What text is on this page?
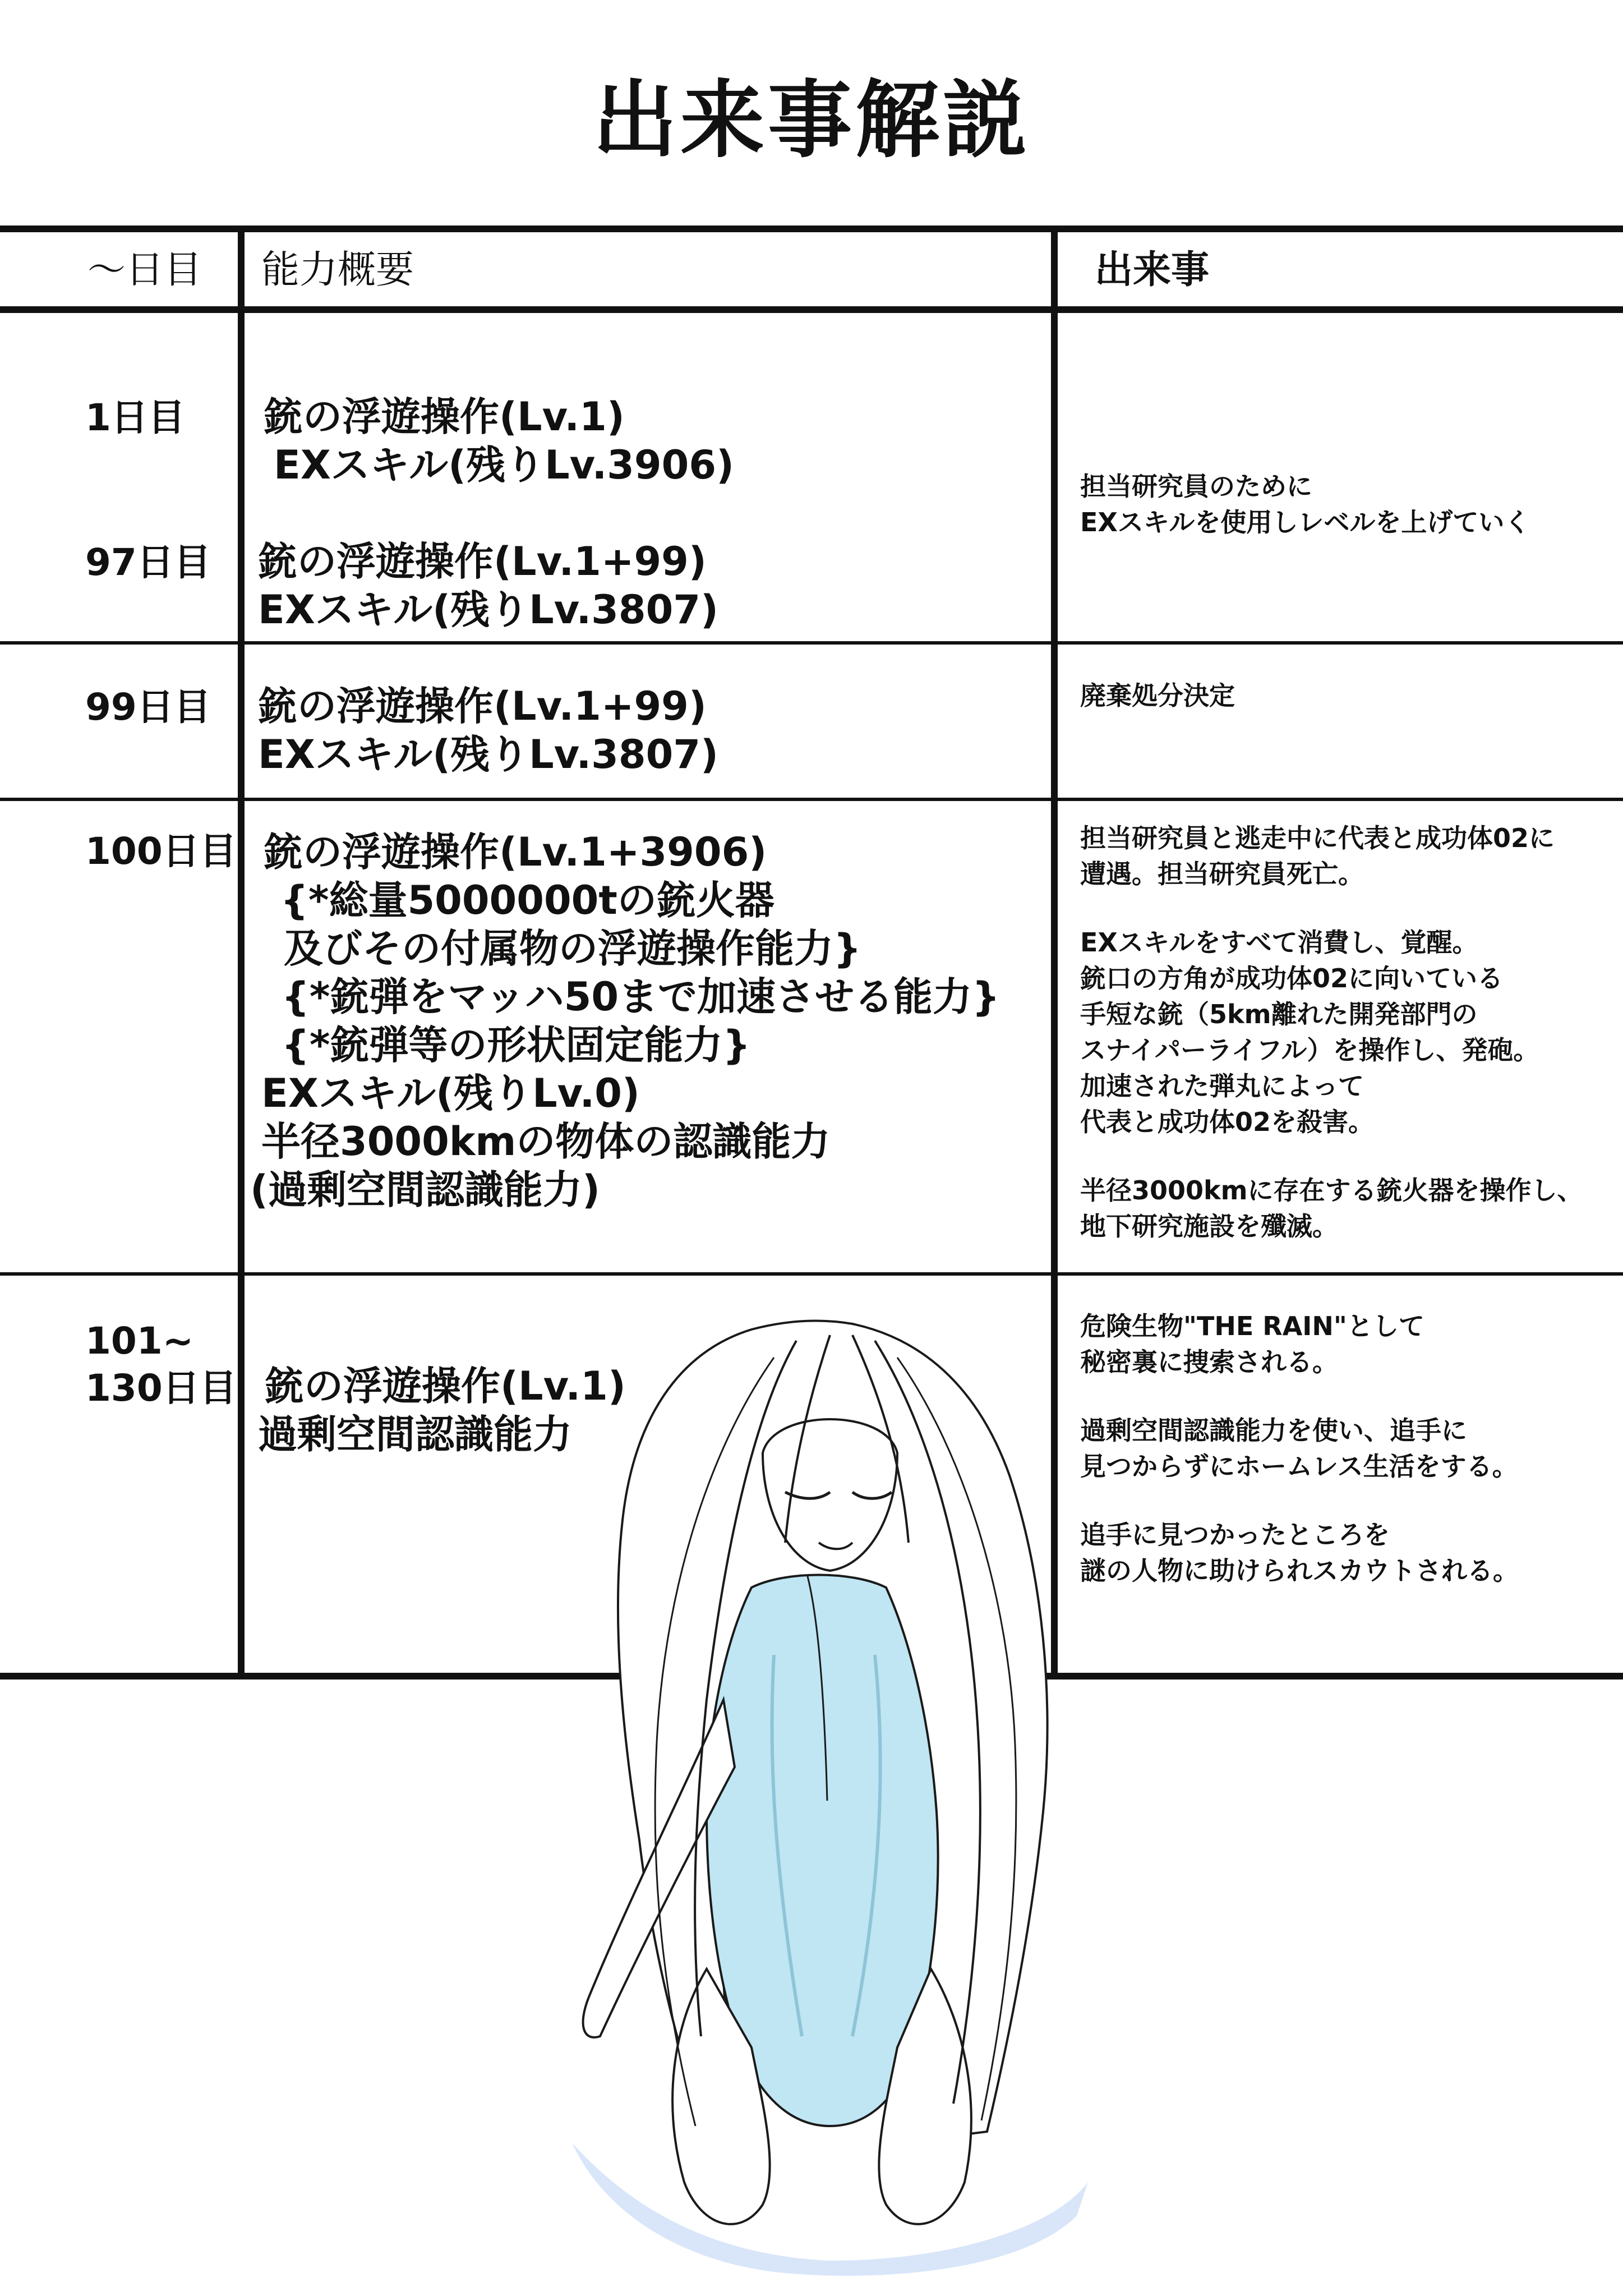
出来事解説
〜日目 能力概要	出来事
1日目
97日目
銃の浮遊操作(Lv.1)
EXスキル(残りLv.3906)
銃の浮遊操作(Lv.1+99)
EXスキル(残りLv.3807)
担当研究員のために
EXスキルを使用しレベルを上げていく
99日目 銃の浮遊操作(Lv.1+99)
EXスキル(残りLv.3807)
廃棄処分決定
100日目 銃の浮遊操作(Lv.1+3906)
{*総量5000000tの銃火器
及びその付属物の浮遊操作能力}
{*銃弾をマッハ50まで加速させる能力}
{*銃弾等の形状固定能力}
EXスキル(残りLv.0)
半径3000kmの物体の認識能力
(過剰空間認識能力)
担当研究員と逃走中に代表と成功体02に
遭遇。担当研究員死亡。
EXスキルをすべて消費し、覚醒。
銃口の方角が成功体02に向いている
手短な銃（5km離れた開発部門の
スナイパーライフル）を操作し、発砲。
加速された弾丸によって
代表と成功体02を殺害。
半径3000kmに存在する銃火器を操作し、
地下研究施設を殲滅。
101~
130日目 銃の浮遊操作(Lv.1)
過剰空間認識能力
危険生物"THE RAIN"として
秘密裏に捜索される。
過剰空間認識能力を使い、追手に
見つからずにホームレス生活をする。
追手に見つかったところを
謎の人物に助けられスカウトされる。
